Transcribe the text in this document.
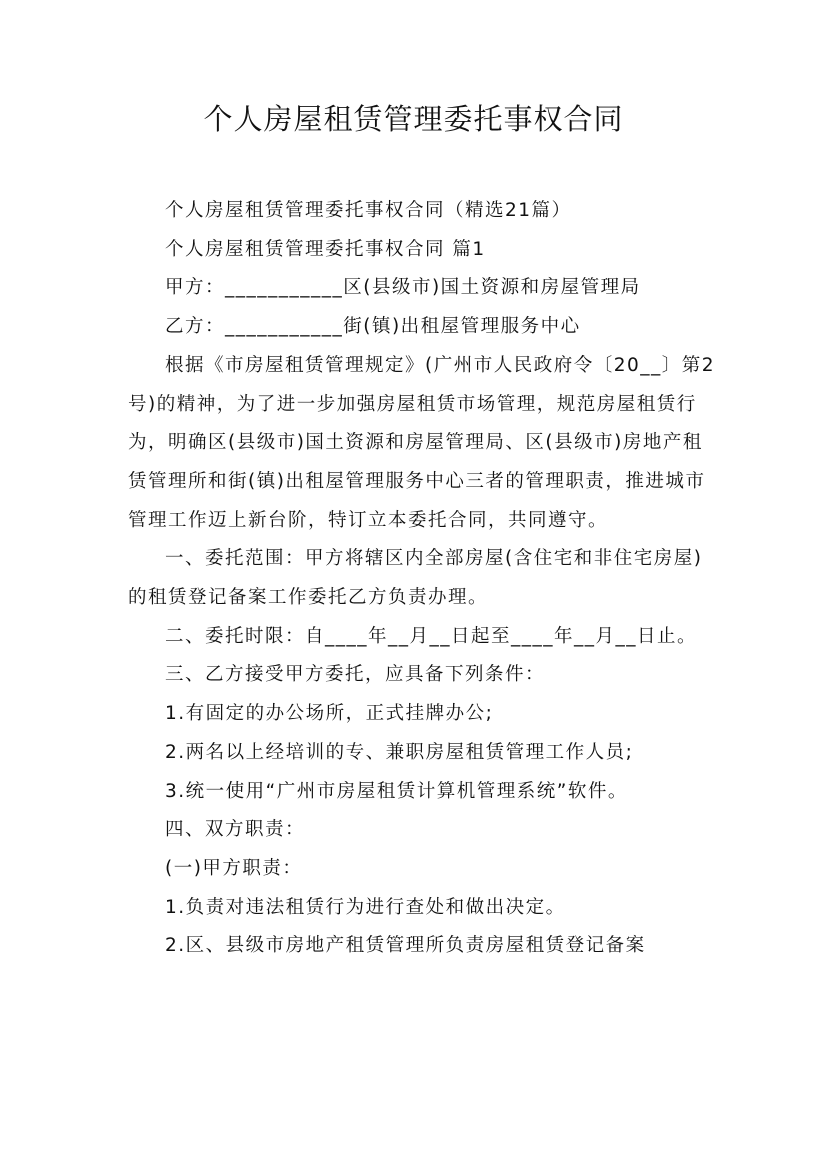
个人房屋租赁管理委托事权合同

个人房屋租赁管理委托事权合同（精选21篇）

个人房屋租赁管理委托事权合同 篇1

甲方：___________区(县级市)国土资源和房屋管理局

乙方：___________街(镇)出租屋管理服务中心

根据《市房屋租赁管理规定》(广州市人民政府令〔20__〕第2号)的精神，为了进一步加强房屋租赁市场管理，规范房屋租赁行为，明确区(县级市)国土资源和房屋管理局、区(县级市)房地产租赁管理所和街(镇)出租屋管理服务中心三者的管理职责，推进城市管理工作迈上新台阶，特订立本委托合同，共同遵守。

一、委托范围：甲方将辖区内全部房屋(含住宅和非住宅房屋)的租赁登记备案工作委托乙方负责办理。

二、委托时限：自____年__月__日起至____年__月__日止。

三、乙方接受甲方委托，应具备下列条件：

1.有固定的办公场所，正式挂牌办公;

2.两名以上经培训的专、兼职房屋租赁管理工作人员;

3.统一使用“广州市房屋租赁计算机管理系统”软件。

四、双方职责：

(一)甲方职责：

1.负责对违法租赁行为进行查处和做出决定。

2.区、县级市房地产租赁管理所负责房屋租赁登记备案
